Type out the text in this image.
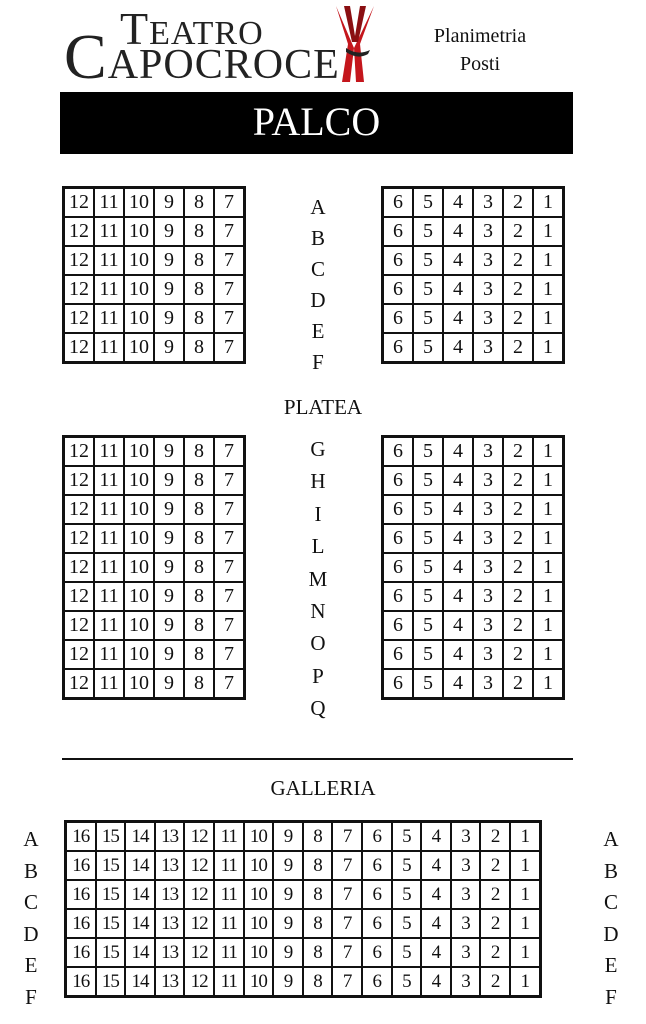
TEATRO
CAPOCROCE
Planimetria
Posti
PALCO
12	11	10	9	8	7
12	11	10	9	8	7
12	11	10	9	8	7
12	11	10	9	8	7
12	11	10	9	8	7
12	11	10	9	8	7
A
B
C
D
E
F
6	5	4	3	2	1
6	5	4	3	2	1
6	5	4	3	2	1
6	5	4	3	2	1
6	5	4	3	2	1
6	5	4	3	2	1
PLATEA
12	11	10	9	8	7
12	11	10	9	8	7
12	11	10	9	8	7
12	11	10	9	8	7
12	11	10	9	8	7
12	11	10	9	8	7
12	11	10	9	8	7
12	11	10	9	8	7
12	11	10	9	8	7
G
H
I
L
M
N
O
P
Q
6	5	4	3	2	1
6	5	4	3	2	1
6	5	4	3	2	1
6	5	4	3	2	1
6	5	4	3	2	1
6	5	4	3	2	1
6	5	4	3	2	1
6	5	4	3	2	1
6	5	4	3	2	1
GALLERIA
A
B
C
D
E
F
16	15	14	13	12	11	10	9	8	7	6	5	4	3	2	1
16	15	14	13	12	11	10	9	8	7	6	5	4	3	2	1
16	15	14	13	12	11	10	9	8	7	6	5	4	3	2	1
16	15	14	13	12	11	10	9	8	7	6	5	4	3	2	1
16	15	14	13	12	11	10	9	8	7	6	5	4	3	2	1
16	15	14	13	12	11	10	9	8	7	6	5	4	3	2	1
A
B
C
D
E
F
